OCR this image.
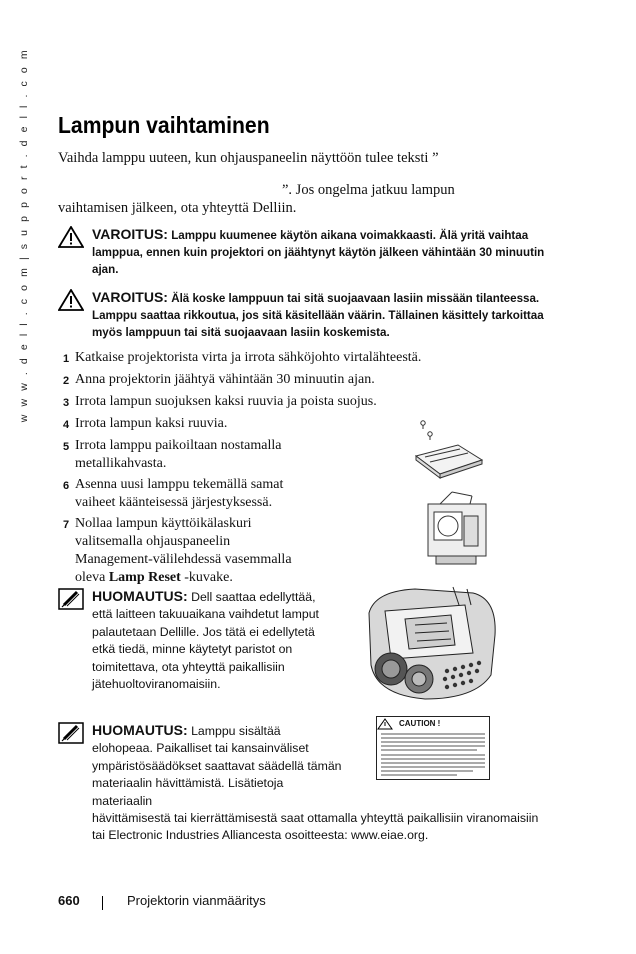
w w w . d e l l . c o m | s u p p o r t . d e l l . c o m Lampun vaihtaminen

Vaihda lamppu uuteen, kun ohjauspaneelin näyttöön tulee teksti ”
”. Jos ongelma jatkuu lampun
vaihtamisen jälkeen, ota yhteyttä Delliin.

VAROITUS: Lamppu kuumenee käytön aikana voimakkaasti. Älä yritä vaihtaa lamppua, ennen kuin projektori on jäähtynyt käytön jälkeen vähintään 30 minuutin ajan.
VAROITUS: Älä koske lamppuun tai sitä suojaavaan lasiin missään tilanteessa. Lamppu saattaa rikkoutua, jos sitä käsitellään väärin. Tällainen käsittely tarkoittaa myös lamppuun tai sitä suojaavaan lasiin koskemista.
1 Katkaise projektorista virta ja irrota sähköjohto virtalähteestä.
2 Anna projektorin jäähtyä vähintään 30 minuutin ajan.
3 Irrota lampun suojuksen kaksi ruuvia ja poista suojus.
4 Irrota lampun kaksi ruuvia.
5 Irrota lamppu paikoiltaan nostamalla metallikahvasta.
6 Asenna uusi lamppu tekemällä samat vaiheet käänteisessä järjestyksessä.
7 Nollaa lampun käyttöikälaskuri valitsemalla ohjauspaneelin Management-välilehdessä vasemmalla oleva Lamp Reset -kuvake.
CAUTION !
HUOMAUTUS: Dell saattaa edellyttää, että laitteen takuuaikana vaihdetut lamput palautetaan Dellille. Jos tätä ei edellytetä etkä tiedä, minne käytetyt paristot on toimitettava, ota yhteyttä paikallisiin jätehuoltoviranomaisiin.
HUOMAUTUS: Lamppu sisältää elohopeaa. Paikalliset tai kansainväliset ympäristösäädökset saattavat säädellä tämän materiaalin hävittämistä. Lisätietoja materiaalin
hävittämisestä tai kierrättämisestä saat ottamalla yhteyttä paikallisiin viranomaisiin tai Electronic Industries Alliancesta osoitteesta: www.eiae.org.
660	Projektorin vianmääritys
